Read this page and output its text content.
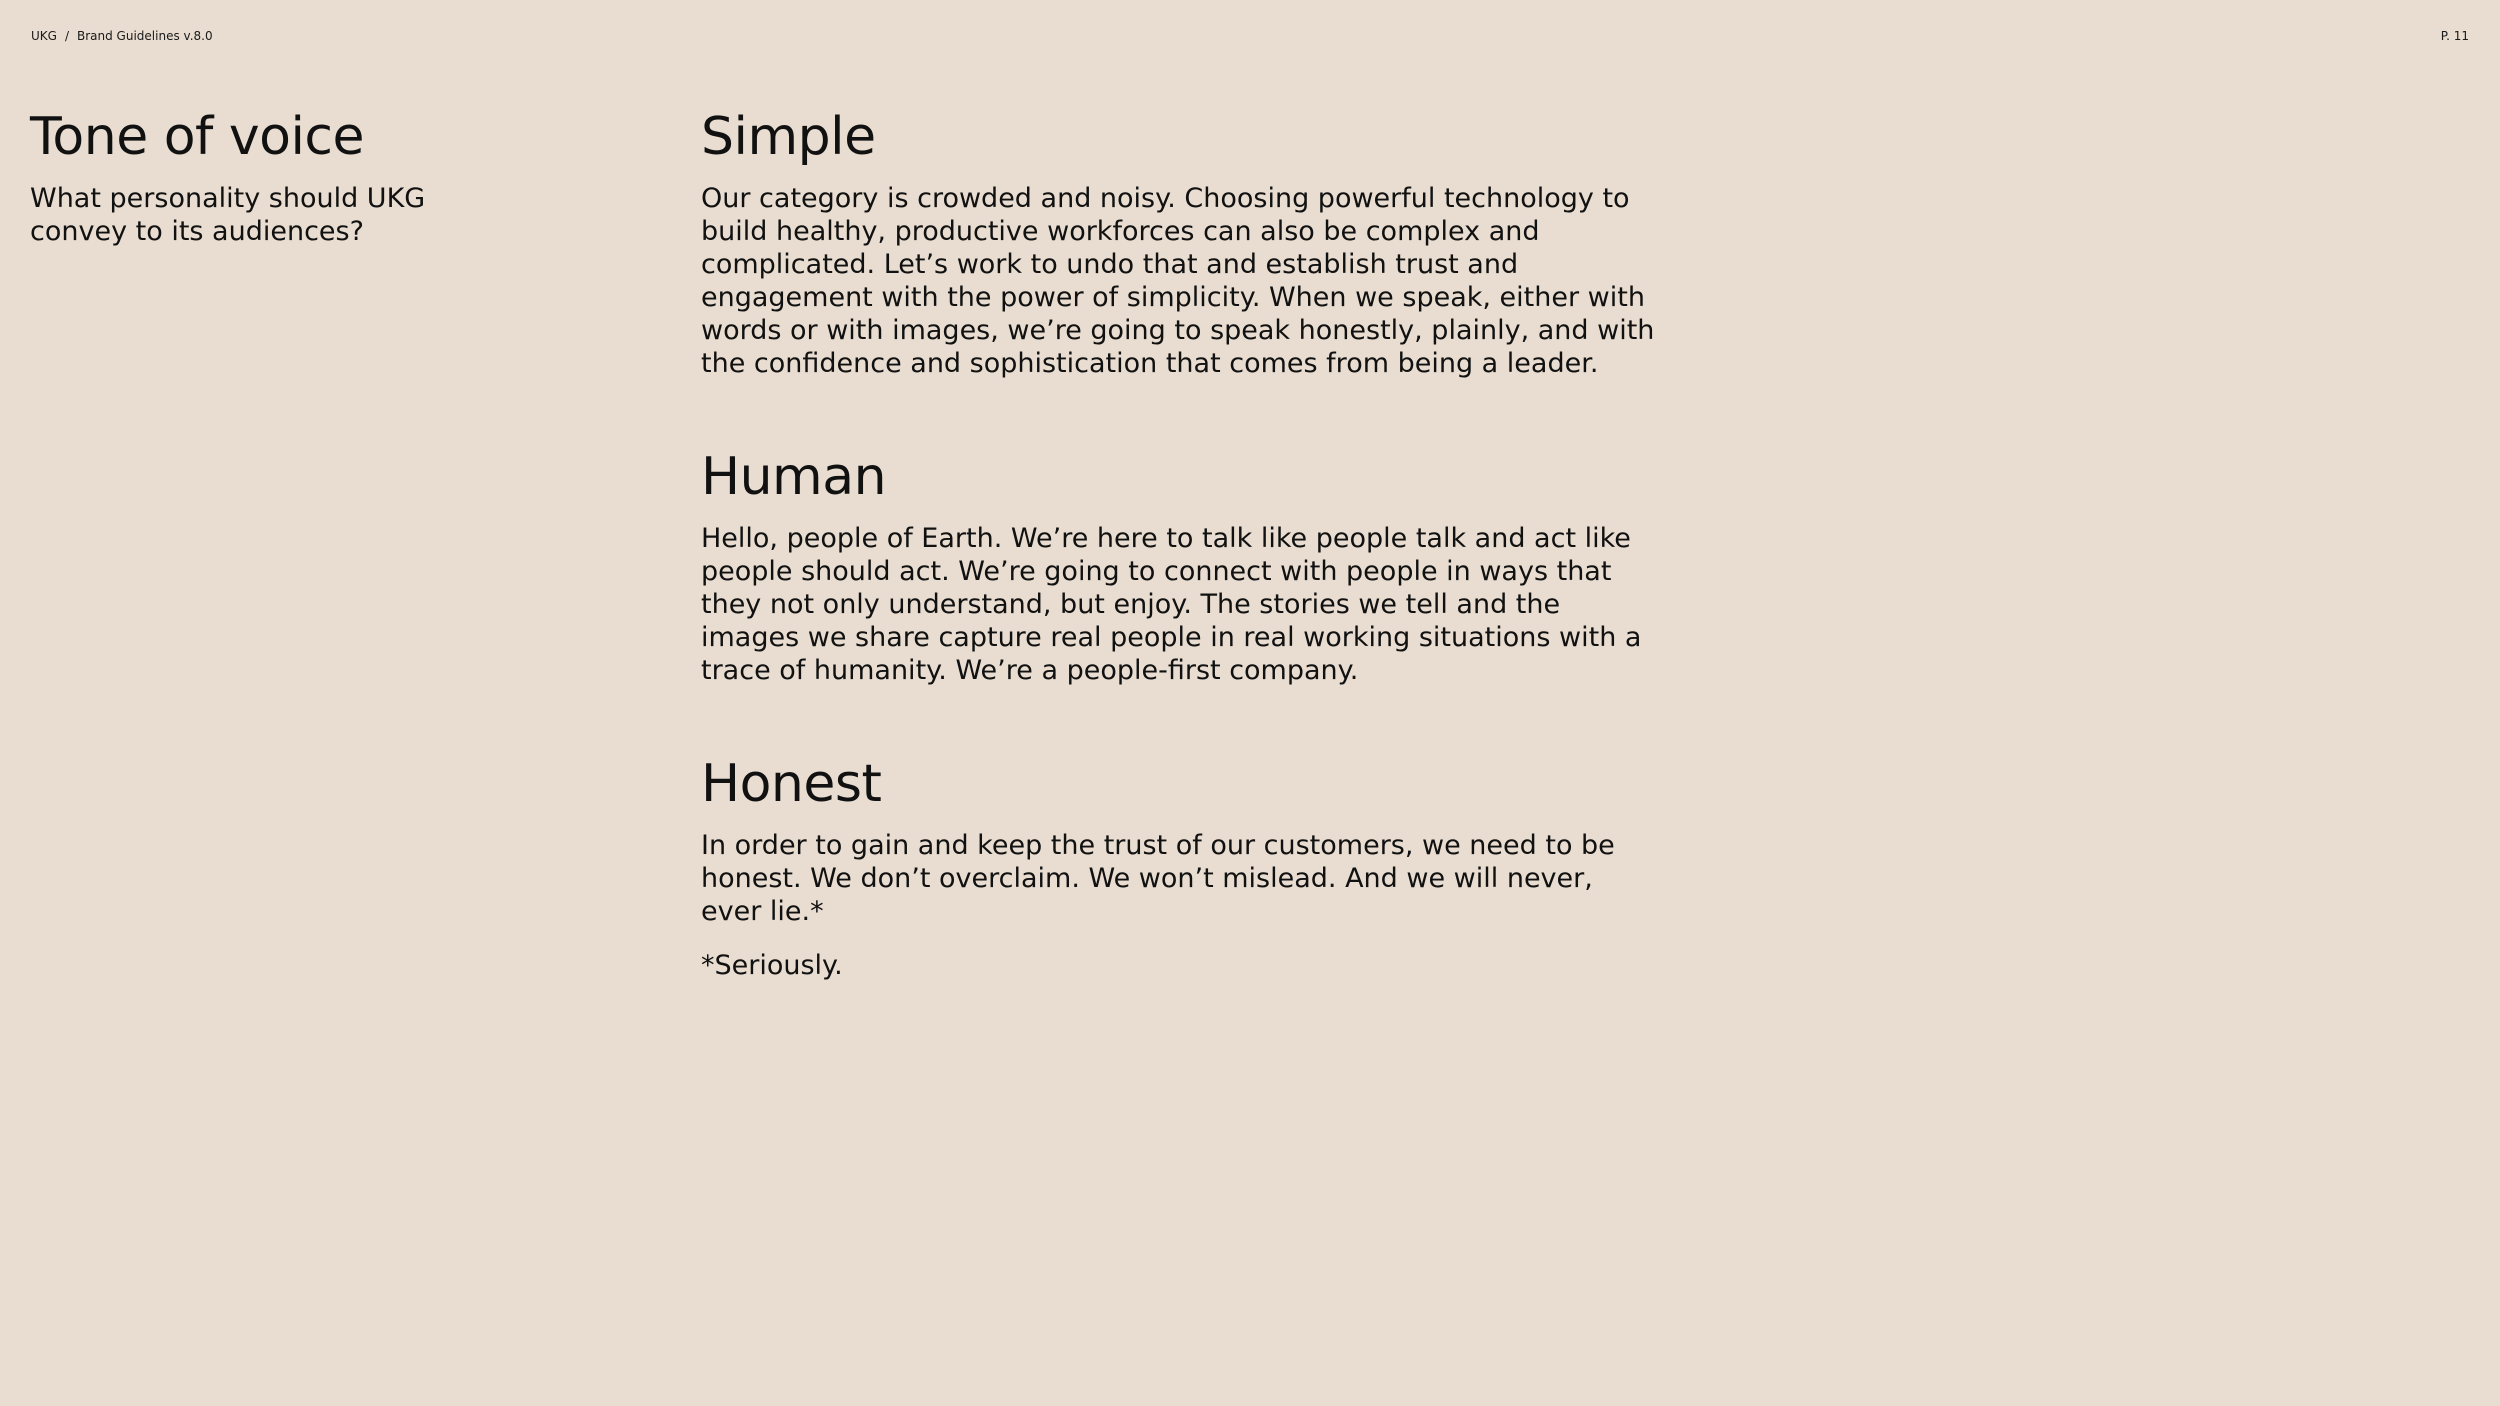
UKG / Brand Guidelines v.8.0	P. 11
Tone of voice

What personality should UKG convey to its audiences?

Simple

Our category is crowded and noisy. Choosing powerful technology to build healthy, productive workforces can also be complex and complicated. Let’s work to undo that and establish trust and engagement with the power of simplicity. When we speak, either with words or with images, we’re going to speak honestly, plainly, and with the confidence and sophistication that comes from being a leader.

Human

Hello, people of Earth. We’re here to talk like people talk and act like people should act. We’re going to connect with people in ways that they not only understand, but enjoy. The stories we tell and the images we share capture real people in real working situations with a trace of humanity. We’re a people-first company.

Honest

In order to gain and keep the trust of our customers, we need to be honest. We don’t overclaim. We won’t mislead. And we will never, ever lie.*

*Seriously.
